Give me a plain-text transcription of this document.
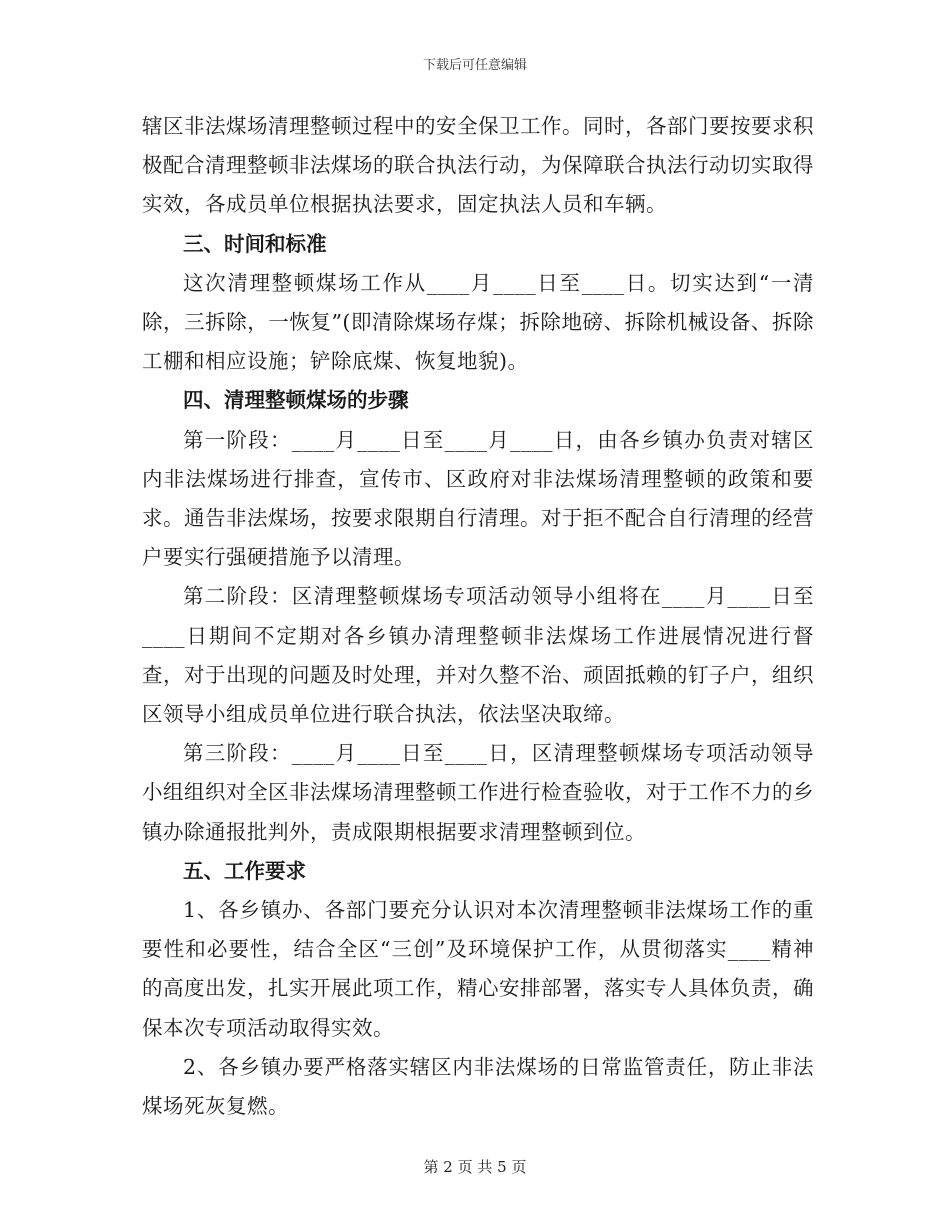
下载后可任意编辑

辖区非法煤场清理整顿过程中的安全保卫工作。同时，各部门要按要求积极配合清理整顿非法煤场的联合执法行动，为保障联合执法行动切实取得实效，各成员单位根据执法要求，固定执法人员和车辆。

三、时间和标准

这次清理整顿煤场工作从____月____日至____日。切实达到“一清除，三拆除，一恢复”(即清除煤场存煤；拆除地磅、拆除机械设备、拆除工棚和相应设施；铲除底煤、恢复地貌)。

四、清理整顿煤场的步骤

第一阶段：____月____日至____月____日，由各乡镇办负责对辖区内非法煤场进行排查，宣传市、区政府对非法煤场清理整顿的政策和要求。通告非法煤场，按要求限期自行清理。对于拒不配合自行清理的经营户要实行强硬措施予以清理。

第二阶段：区清理整顿煤场专项活动领导小组将在____月____日至____日期间不定期对各乡镇办清理整顿非法煤场工作进展情况进行督查，对于出现的问题及时处理，并对久整不治、顽固抵赖的钉子户，组织区领导小组成员单位进行联合执法，依法坚决取缔。

第三阶段：____月____日至____日，区清理整顿煤场专项活动领导小组组织对全区非法煤场清理整顿工作进行检查验收，对于工作不力的乡镇办除通报批判外，责成限期根据要求清理整顿到位。

五、工作要求

1、各乡镇办、各部门要充分认识对本次清理整顿非法煤场工作的重要性和必要性，结合全区“三创”及环境保护工作，从贯彻落实____精神的高度出发，扎实开展此项工作，精心安排部署，落实专人具体负责，确保本次专项活动取得实效。

2、各乡镇办要严格落实辖区内非法煤场的日常监管责任，防止非法煤场死灰复燃。

第 2 页 共 5 页
